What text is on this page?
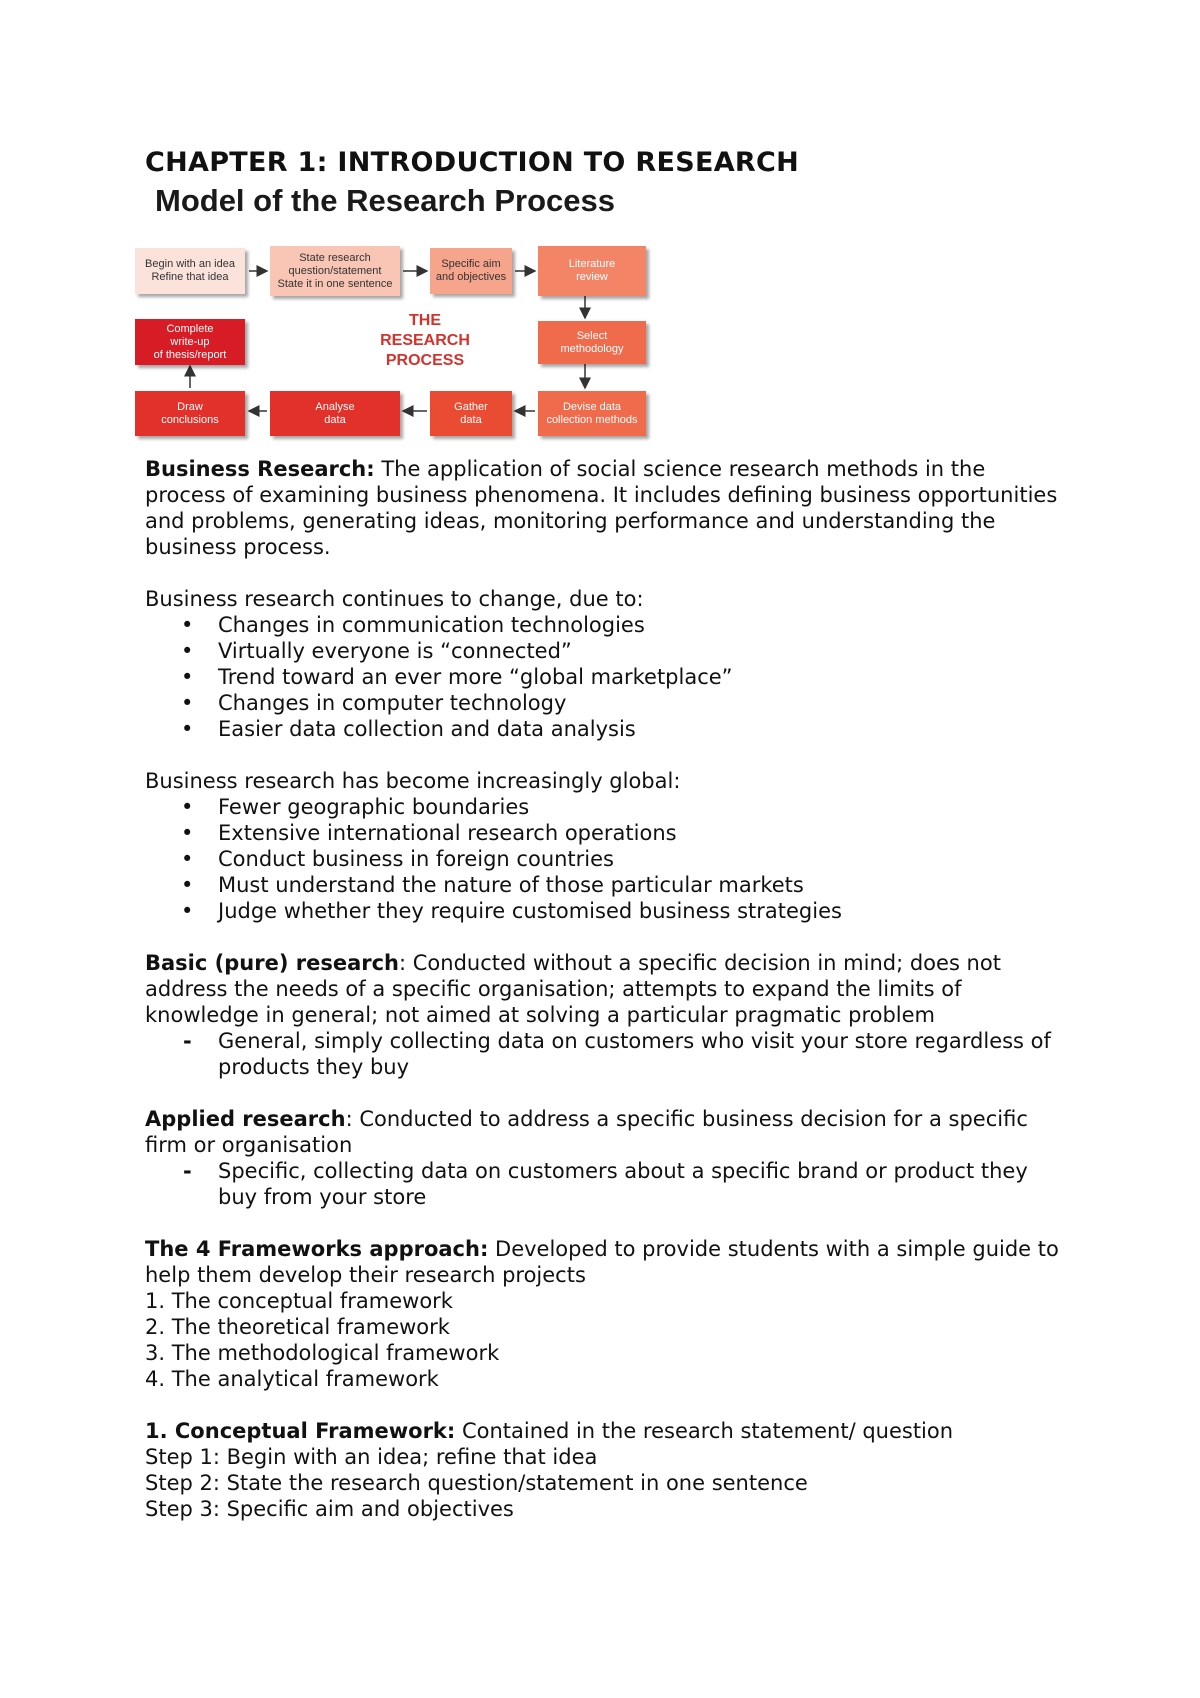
CHAPTER 1: INTRODUCTION TO RESEARCH
Model of the Research Process
Begin with an idea
Refine that idea
State research
question/statement
State it in one sentence
Specific aim
and objectives
Literature
review
Select
methodology
Devise data
collection methods
Gather
data
Analyse
data
Draw
conclusions
Complete
write-up
of thesis/report
THE
RESEARCH
PROCESS

Business Research: The application of social science research methods in the process of examining business phenomena. It includes defining business opportunities and problems, generating ideas, monitoring performance and understanding the business process.

Business research continues to change, due to:

• Changes in communication technologies
• Virtually everyone is “connected”
• Trend toward an ever more “global marketplace”
• Changes in computer technology
• Easier data collection and data analysis

Business research has become increasingly global:

• Fewer geographic boundaries
• Extensive international research operations
• Conduct business in foreign countries
• Must understand the nature of those particular markets
• Judge whether they require customised business strategies

Basic (pure) research: Conducted without a specific decision in mind; does not address the needs of a specific organisation; attempts to expand the limits of knowledge in general; not aimed at solving a particular pragmatic problem

- General, simply collecting data on customers who visit your store regardless of products they buy

Applied research: Conducted to address a specific business decision for a specific firm or organisation

- Specific, collecting data on customers about a specific brand or product they buy from your store

The 4 Frameworks approach: Developed to provide students with a simple guide to help them develop their research projects

1. The conceptual framework

2. The theoretical framework

3. The methodological framework

4. The analytical framework

1. Conceptual Framework: Contained in the research statement/ question

Step 1: Begin with an idea; refine that idea

Step 2: State the research question/statement in one sentence

Step 3: Specific aim and objectives
